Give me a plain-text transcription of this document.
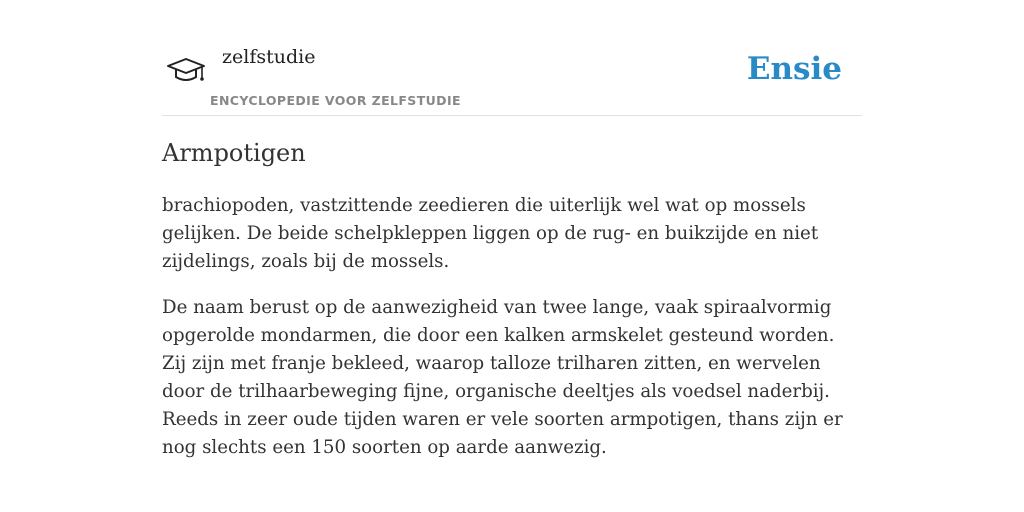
zelfstudie
ENCYCLOPEDIE VOOR ZELFSTUDIE
Ensie
Armpotigen

brachiopoden, vastzittende zeedieren die uiterlijk wel wat op mossels gelijken. De beide schelpkleppen liggen op de rug- en buikzijde en niet zijdelings, zoals bij de mossels.

De naam berust op de aanwezigheid van twee lange, vaak spiraalvormig opgerolde mondarmen, die door een kalken armskelet gesteund worden. Zij zijn met franje bekleed, waarop talloze trilharen zitten, en wervelen door de trilhaarbeweging fijne, organische deeltjes als voedsel naderbij. Reeds in zeer oude tijden waren er vele soorten armpotigen, thans zijn er nog slechts een 150 soorten op aarde aanwezig.
